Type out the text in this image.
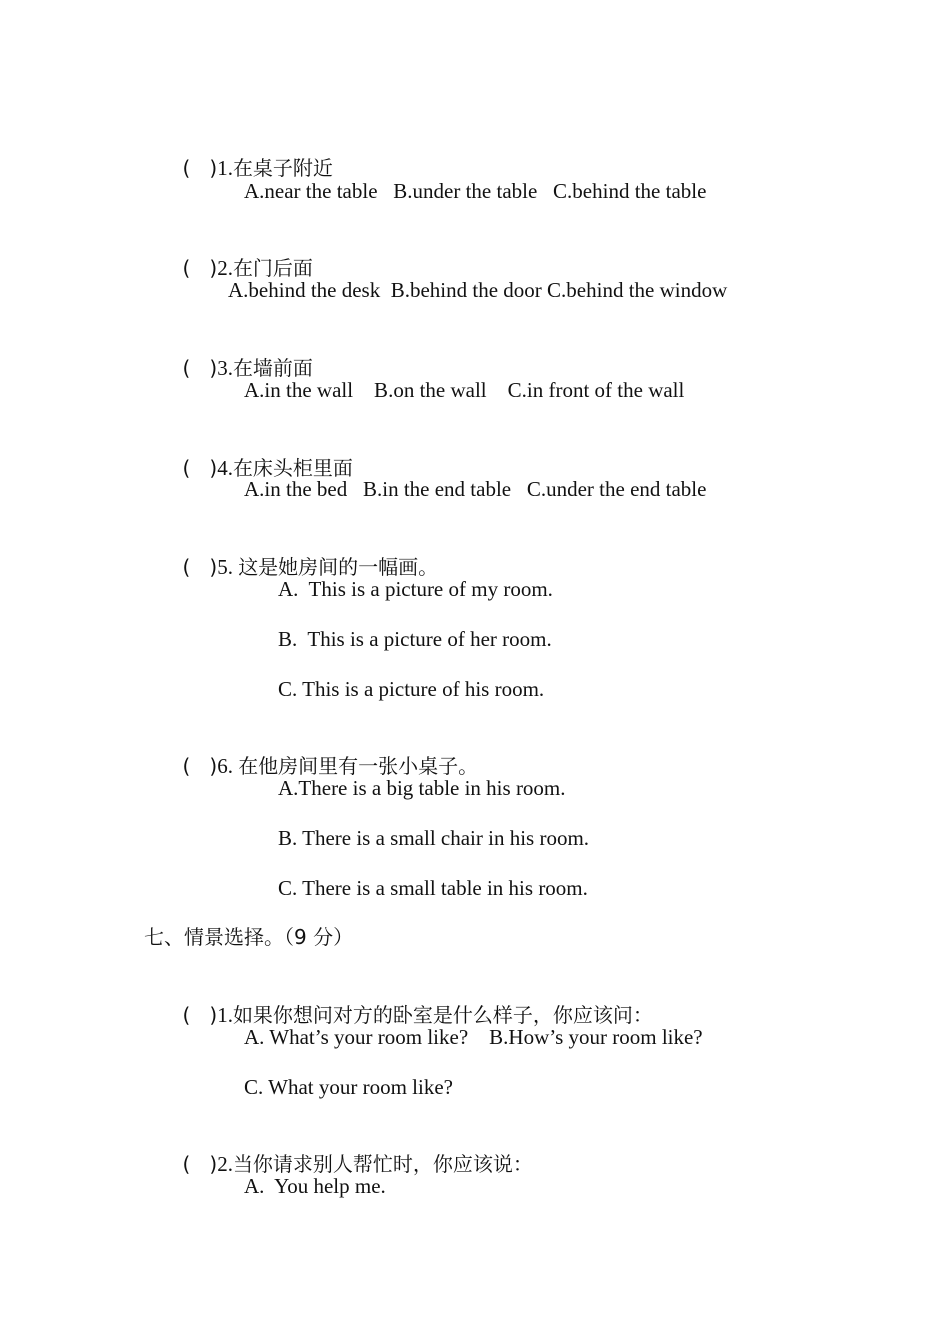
(   )1.在桌子附近

A.near the table   B.under the table   C.behind the table

(   )2.在门后面

A.behind the desk  B.behind the door C.behind the window

(   )3.在墙前面

A.in the wall    B.on the wall    C.in front of the wall

(   )4.在床头柜里面

A.in the bed   B.in the end table   C.under the end table

(   )5. 这是她房间的一幅画。

A.  This is a picture of my room.
B.  This is a picture of her room.
C. This is a picture of his room.

(   )6. 在他房间里有一张小桌子。

A.There is a big table in his room.
B. There is a small chair in his room.
C. There is a small table in his room.
七、情景选择。（9 分）

(   )1.如果你想问对方的卧室是什么样子，你应该问：

A. What’s your room like?    B.How’s your room like?
C. What your room like?

(   )2.当你请求别人帮忙时，你应该说：

A.  You help me.
